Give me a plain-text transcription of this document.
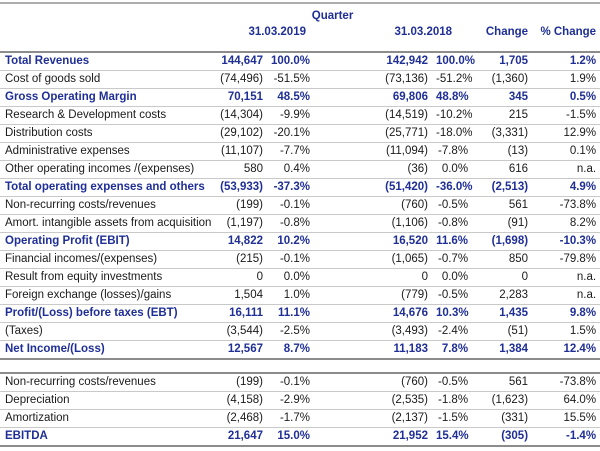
	Quarter					
	31.03.2019		31.03.2018		Change	% Change
Total Revenues	144,647	100.0%	142,942	100.0%	1,705	1.2%
Cost of goods sold	(74,496)	-51.5%	(73,136)	-51.2%	(1,360)	1.9%
Gross Operating Margin	70,151	48.5%	69,806	48.8%	345	0.5%
Research & Development costs	(14,304)	-9.9%	(14,519)	-10.2%	215	-1.5%
Distribution costs	(29,102)	-20.1%	(25,771)	-18.0%	(3,331)	12.9%
Administrative expenses	(11,107)	-7.7%	(11,094)	-7.8%	(13)	0.1%
Other operating incomes /(expenses)	580	0.4%	(36)	0.0%	616	n.a.
Total operating expenses and others	(53,933)	-37.3%	(51,420)	-36.0%	(2,513)	4.9%
Non-recurring costs/revenues	(199)	-0.1%	(760)	-0.5%	561	-73.8%
Amort. intangible assets from acquisition	(1,197)	-0.8%	(1,106)	-0.8%	(91)	8.2%
Operating Profit (EBIT)	14,822	10.2%	16,520	11.6%	(1,698)	-10.3%
Financial incomes/(expenses)	(215)	-0.1%	(1,065)	-0.7%	850	-79.8%
Result from equity investments	0	0.0%	0	0.0%	0	n.a.
Foreign exchange (losses)/gains	1,504	1.0%	(779)	-0.5%	2,283	n.a.
Profit/(Loss) before taxes (EBT)	16,111	11.1%	14,676	10.3%	1,435	9.8%
(Taxes)	(3,544)	-2.5%	(3,493)	-2.4%	(51)	1.5%
Net Income/(Loss)	12,567	8.7%	11,183	7.8%	1,384	12.4%

Non-recurring costs/revenues	(199)	-0.1%	(760)	-0.5%	561	-73.8%
Depreciation	(4,158)	-2.9%	(2,535)	-1.8%	(1,623)	64.0%
Amortization	(2,468)	-1.7%	(2,137)	-1.5%	(331)	15.5%
EBITDA	21,647	15.0%	21,952	15.4%	(305)	-1.4%
